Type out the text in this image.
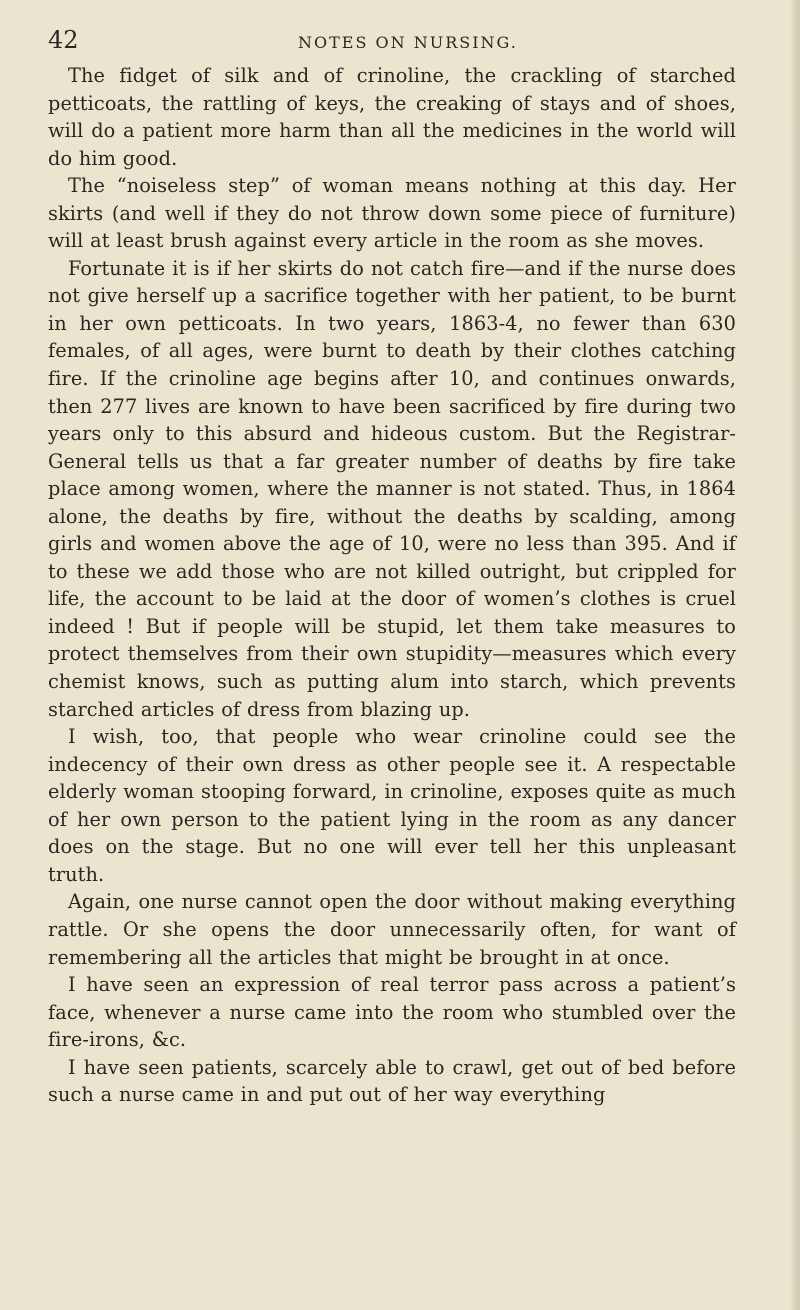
42	NOTES ON NURSING.

The fidget of silk and of crinoline, the crackling of starched petticoats, the rattling of keys, the creaking of stays and of shoes, will do a patient more harm than all the medicines in the world will do him good.

The “noiseless step” of woman means nothing at this day. Her skirts (and well if they do not throw down some piece of furniture) will at least brush against every article in the room as she moves.

Fortunate it is if her skirts do not catch fire—and if the nurse does not give herself up a sacrifice together with her patient, to be burnt in her own petticoats. In two years, 1863-4, no fewer than 630 females, of all ages, were burnt to death by their clothes catching fire. If the crinoline age begins after 10, and continues onwards, then 277 lives are known to have been sacrificed by fire during two years only to this absurd and hideous custom. But the Registrar-General tells us that a far greater number of deaths by fire take place among women, where the manner is not stated. Thus, in 1864 alone, the deaths by fire, without the deaths by scalding, among girls and women above the age of 10, were no less than 395. And if to these we add those who are not killed outright, but crippled for life, the account to be laid at the door of women’s clothes is cruel indeed ! But if people will be stupid, let them take measures to protect themselves from their own stupidity—measures which every chemist knows, such as putting alum into starch, which prevents starched articles of dress from blazing up.

I wish, too, that people who wear crinoline could see the indecency of their own dress as other people see it. A respectable elderly woman stooping forward, in crinoline, exposes quite as much of her own person to the patient lying in the room as any dancer does on the stage. But no one will ever tell her this unpleasant truth.

Again, one nurse cannot open the door without making everything rattle. Or she opens the door unnecessarily often, for want of remembering all the articles that might be brought in at once.

I have seen an expression of real terror pass across a patient’s face, whenever a nurse came into the room who stumbled over the fire-irons, &c.

I have seen patients, scarcely able to crawl, get out of bed before such a nurse came in and put out of her way everything
